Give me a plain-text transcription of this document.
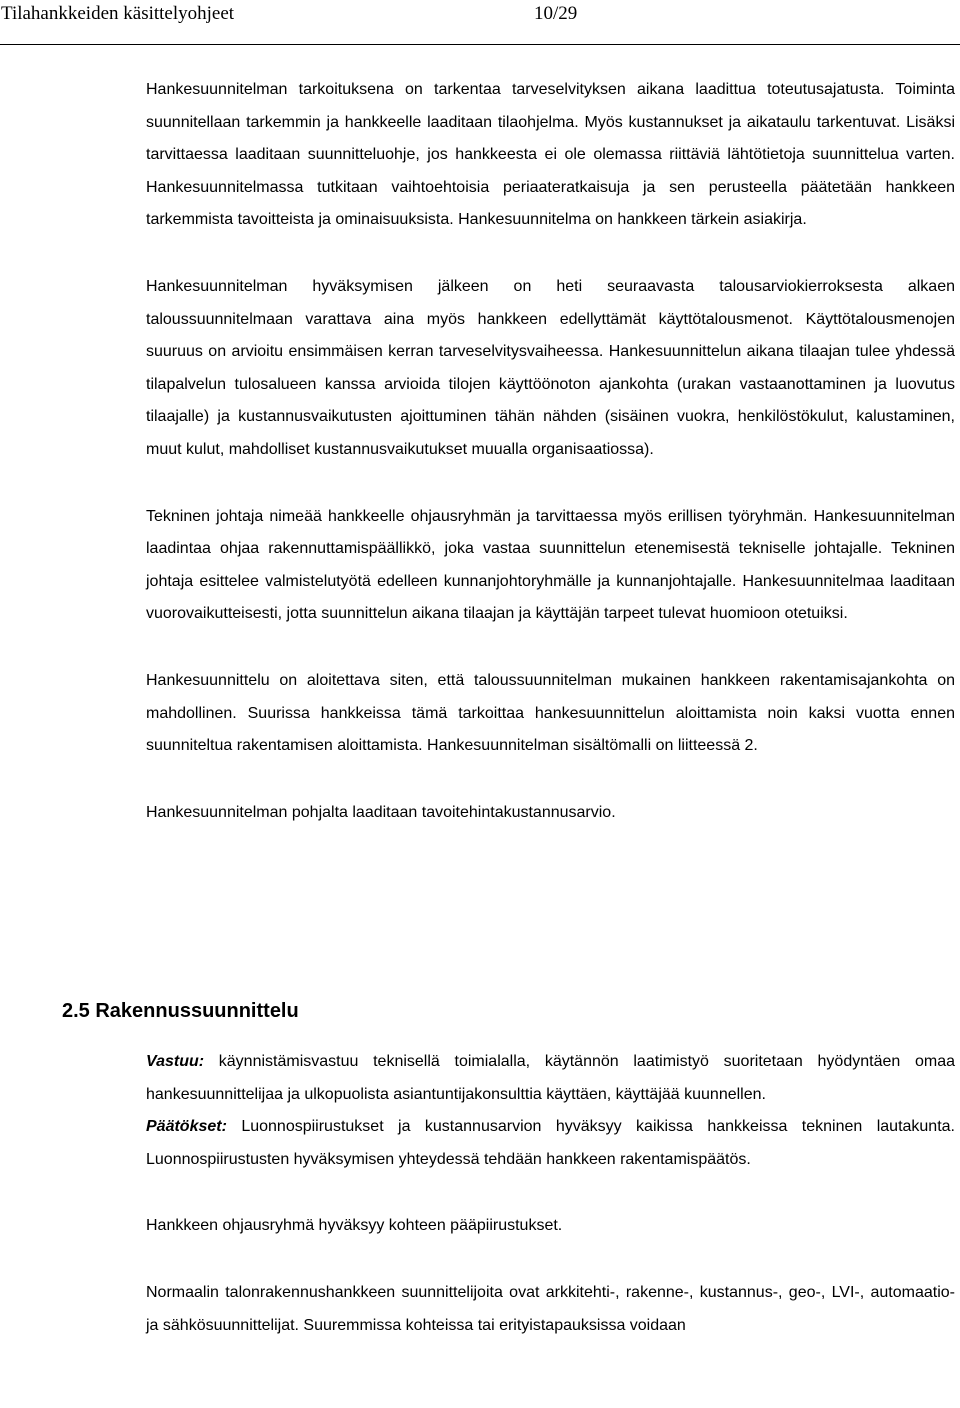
Tilahankkeiden käsittelyohjeet	10/29

Hankesuunnitelman tarkoituksena on tarkentaa tarveselvityksen aikana laadittua toteutusajatusta. Toiminta suunnitellaan tarkemmin ja hankkeelle laaditaan tilaohjelma. Myös kustannukset ja aikataulu tarkentuvat. Lisäksi tarvittaessa laaditaan suunnitteluohje, jos hankkeesta ei ole olemassa riittäviä lähtötietoja suunnittelua varten. Hankesuunnitelmassa tutkitaan vaihtoehtoisia periaateratkaisuja ja sen perusteella päätetään hankkeen tarkemmista tavoitteista ja ominaisuuksista. Hankesuunnitelma on hankkeen tärkein asiakirja.

Hankesuunnitelman hyväksymisen jälkeen on heti seuraavasta talousarviokierroksesta alkaen taloussuunnitelmaan varattava aina myös hankkeen edellyttämät käyttötalousmenot. Käyttötalousmenojen suuruus on arvioitu ensimmäisen kerran tarveselvitysvaiheessa. Hankesuunnittelun aikana tilaajan tulee yhdessä tilapalvelun tulosalueen kanssa arvioida tilojen käyttöönoton ajankohta (urakan vastaanottaminen ja luovutus tilaajalle) ja kustannusvaikutusten ajoittuminen tähän nähden (sisäinen vuokra, henkilöstökulut, kalustaminen, muut kulut, mahdolliset kustannusvaikutukset muualla organisaatiossa).

Tekninen johtaja nimeää hankkeelle ohjausryhmän ja tarvittaessa myös erillisen työryhmän. Hankesuunnitelman laadintaa ohjaa rakennuttamispäällikkö, joka vastaa suunnittelun etenemisestä tekniselle johtajalle. Tekninen johtaja esittelee valmistelutyötä edelleen kunnanjohtoryhmälle ja kunnanjohtajalle. Hankesuunnitelmaa laaditaan vuorovaikutteisesti, jotta suunnittelun aikana tilaajan ja käyttäjän tarpeet tulevat huomioon otetuiksi.

Hankesuunnittelu on aloitettava siten, että taloussuunnitelman mukainen hankkeen rakentamisajankohta on mahdollinen. Suurissa hankkeissa tämä tarkoittaa hankesuunnittelun aloittamista noin kaksi vuotta ennen suunniteltua rakentamisen aloittamista. Hankesuunnitelman sisältömalli on liitteessä 2.

Hankesuunnitelman pohjalta laaditaan tavoitehintakustannusarvio.

2.5 Rakennussuunnittelu

Vastuu: käynnistämisvastuu teknisellä toimialalla, käytännön laatimistyö suoritetaan hyödyntäen omaa hankesuunnittelijaa ja ulkopuolista asiantuntijakonsulttia käyttäen, käyttäjää kuunnellen.

Päätökset: Luonnospiirustukset ja kustannusarvion hyväksyy kaikissa hankkeissa tekninen lautakunta. Luonnospiirustusten hyväksymisen yhteydessä tehdään hankkeen rakentamispäätös.

Hankkeen ohjausryhmä hyväksyy kohteen pääpiirustukset.

Normaalin talonrakennushankkeen suunnittelijoita ovat arkkitehti-, rakenne-, kustannus-, geo-, LVI-, automaatio- ja sähkösuunnittelijat. Suuremmissa kohteissa tai erityistapauksissa voidaan
